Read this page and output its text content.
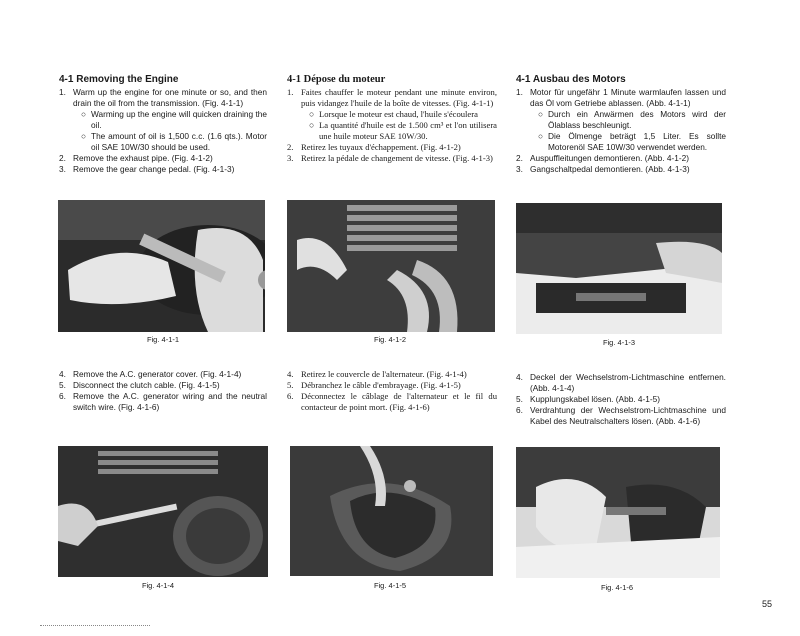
4-1 Removing the Engine
1. Warm up the engine for one minute or so, and then drain the oil from the transmission. (Fig. 4-1-1)
○ Warming up the engine will quicken draining the oil.
○ The amount of oil is 1,500 c.c. (1.6 qts.). Motor oil SAE 10W/30 should be used.
2. Remove the exhaust pipe. (Fig. 4-1-2)
3. Remove the gear change pedal. (Fig. 4-1-3)
4-1 Dépose du moteur
1. Faites chauffer le moteur pendant une minute environ, puis vidangez l'huile de la boîte de vitesses. (Fig. 4-1-1)
○ Lorsque le moteur est chaud, l'huile s'écoulera
○ La quantité d'huile est de 1.500 cm³ et l'on utilisera une huile moteur SAE 10W/30.
2. Retirez les tuyaux d'échappement. (Fig. 4-1-2)
3. Retirez la pédale de changement de vitesse. (Fig. 4-1-3)
4-1 Ausbau des Motors
1. Motor für ungefähr 1 Minute warmlaufen lassen und das Öl vom Getriebe ablassen. (Abb. 4-1-1)
○ Durch ein Anwärmen des Motors wird der Ölablass beschleunigt.
○ Die Ölmenge beträgt 1,5 Liter. Es sollte Motorenöl SAE 10W/30 verwendet werden.
2. Auspuffleitungen demontieren. (Abb. 4-1-2)
3. Gangschaltpedal demontieren. (Abb. 4-1-3)
Fig. 4-1-1	Fig. 4-1-2	Fig. 4-1-3
4. Remove the A.C. generator cover. (Fig. 4-1-4)
5. Disconnect the clutch cable. (Fig. 4-1-5)
6. Remove the A.C. generator wiring and the neutral switch wire. (Fig. 4-1-6)
4. Retirez le couvercle de l'alternateur. (Fig. 4-1-4)
5. Débranchez le câble d'embrayage. (Fig. 4-1-5)
6. Déconnectez le câblage de l'alternateur et le fil du contacteur de point mort. (Fig. 4-1-6)
4. Deckel der Wechselstrom-Lichtmaschine entfernen. (Abb. 4-1-4)
5. Kupplungskabel lösen. (Abb. 4-1-5)
6. Verdrahtung der Wechselstrom-Lichtmaschine und Kabel des Neutralschalters lösen. (Abb. 4-1-6)
Fig. 4-1-4	Fig. 4-1-5	Fig. 4-1-6
55
